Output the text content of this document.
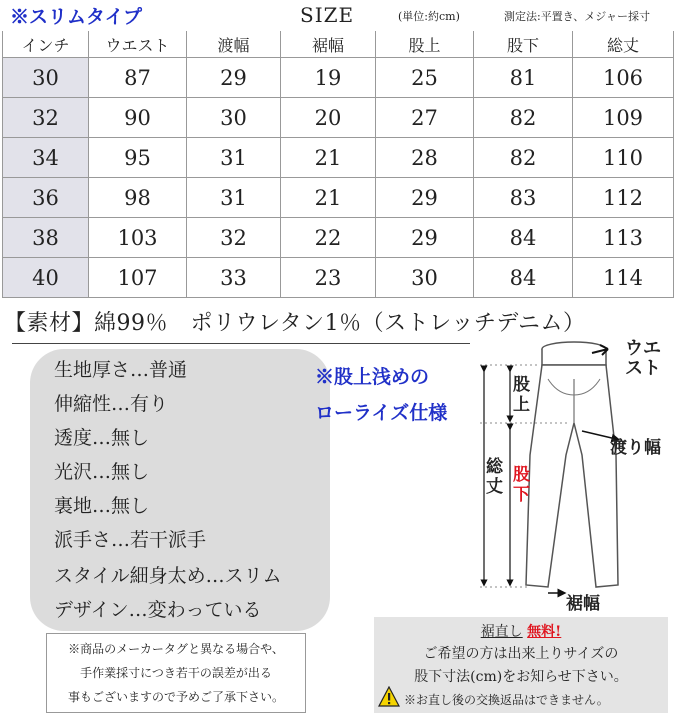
※スリムタイプ	SIZE	(単位:約cm)	測定法:平置き、メジャー採寸
インチ	ウエスト	渡幅	裾幅	股上	股下	総丈
30	87	29	19	25	81	106
32	90	30	20	27	82	109
34	95	31	21	28	82	110
36	98	31	21	29	83	112
38	103	32	22	29	84	113
40	107	33	23	30	84	114
【素材】綿99％　ポリウレタン1％（ストレッチデニム）
生地厚さ…普通
伸縮性…有り
透度…無し
光沢…無し
裏地…無し
派手さ…若干派手
スタイル細身太め…スリム
デザイン…変わっている
※股上浅めの
ローライズ仕様
ウエ
スト
股
上
渡り幅
総
丈
股
下
裾幅
※商品のメーカータグと異なる場合や、
手作業採寸につき若干の誤差が出る
事もございますので予めご了承下さい。
裾直し 無料!
ご希望の方は出来上りサイズの
股下寸法(cm)をお知らせ下さい。
※お直し後の交換返品はできません。
